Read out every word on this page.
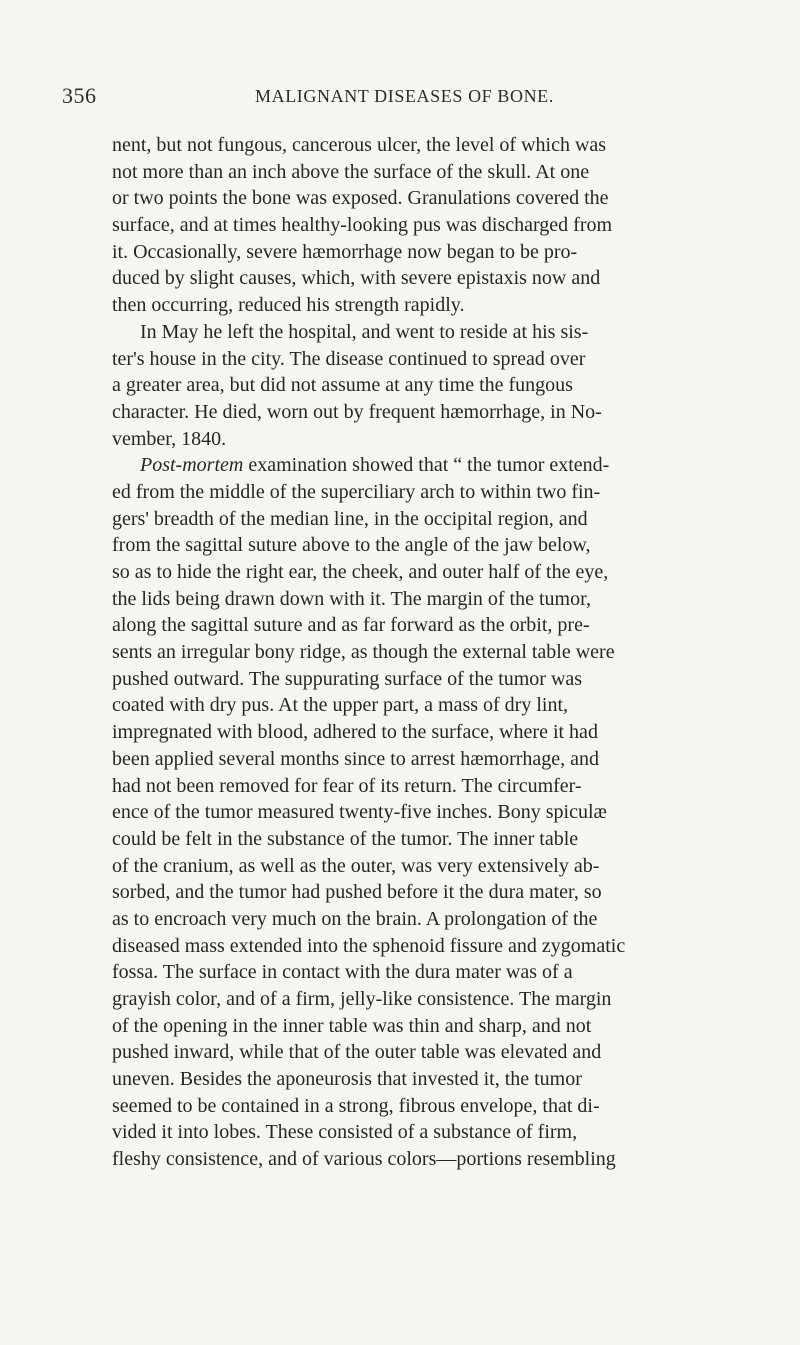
356	MALIGNANT DISEASES OF BONE.
nent, but not fungous, cancerous ulcer, the level of which was
not more than an inch above the surface of the skull. At one
or two points the bone was exposed. Granulations covered the
surface, and at times healthy-looking pus was discharged from
it. Occasionally, severe hæmorrhage now began to be pro-
duced by slight causes, which, with severe epistaxis now and
then occurring, reduced his strength rapidly.
In May he left the hospital, and went to reside at his sis-
ter's house in the city. The disease continued to spread over
a greater area, but did not assume at any time the fungous
character. He died, worn out by frequent hæmorrhage, in No-
vember, 1840.
Post-mortem examination showed that “ the tumor extend-
ed from the middle of the superciliary arch to within two fin-
gers' breadth of the median line, in the occipital region, and
from the sagittal suture above to the angle of the jaw below,
so as to hide the right ear, the cheek, and outer half of the eye,
the lids being drawn down with it. The margin of the tumor,
along the sagittal suture and as far forward as the orbit, pre-
sents an irregular bony ridge, as though the external table were
pushed outward. The suppurating surface of the tumor was
coated with dry pus. At the upper part, a mass of dry lint,
impregnated with blood, adhered to the surface, where it had
been applied several months since to arrest hæmorrhage, and
had not been removed for fear of its return. The circumfer-
ence of the tumor measured twenty-five inches. Bony spiculæ
could be felt in the substance of the tumor. The inner table
of the cranium, as well as the outer, was very extensively ab-
sorbed, and the tumor had pushed before it the dura mater, so
as to encroach very much on the brain. A prolongation of the
diseased mass extended into the sphenoid fissure and zygomatic
fossa. The surface in contact with the dura mater was of a
grayish color, and of a firm, jelly-like consistence. The margin
of the opening in the inner table was thin and sharp, and not
pushed inward, while that of the outer table was elevated and
uneven. Besides the aponeurosis that invested it, the tumor
seemed to be contained in a strong, fibrous envelope, that di-
vided it into lobes. These consisted of a substance of firm,
fleshy consistence, and of various colors—portions resembling
